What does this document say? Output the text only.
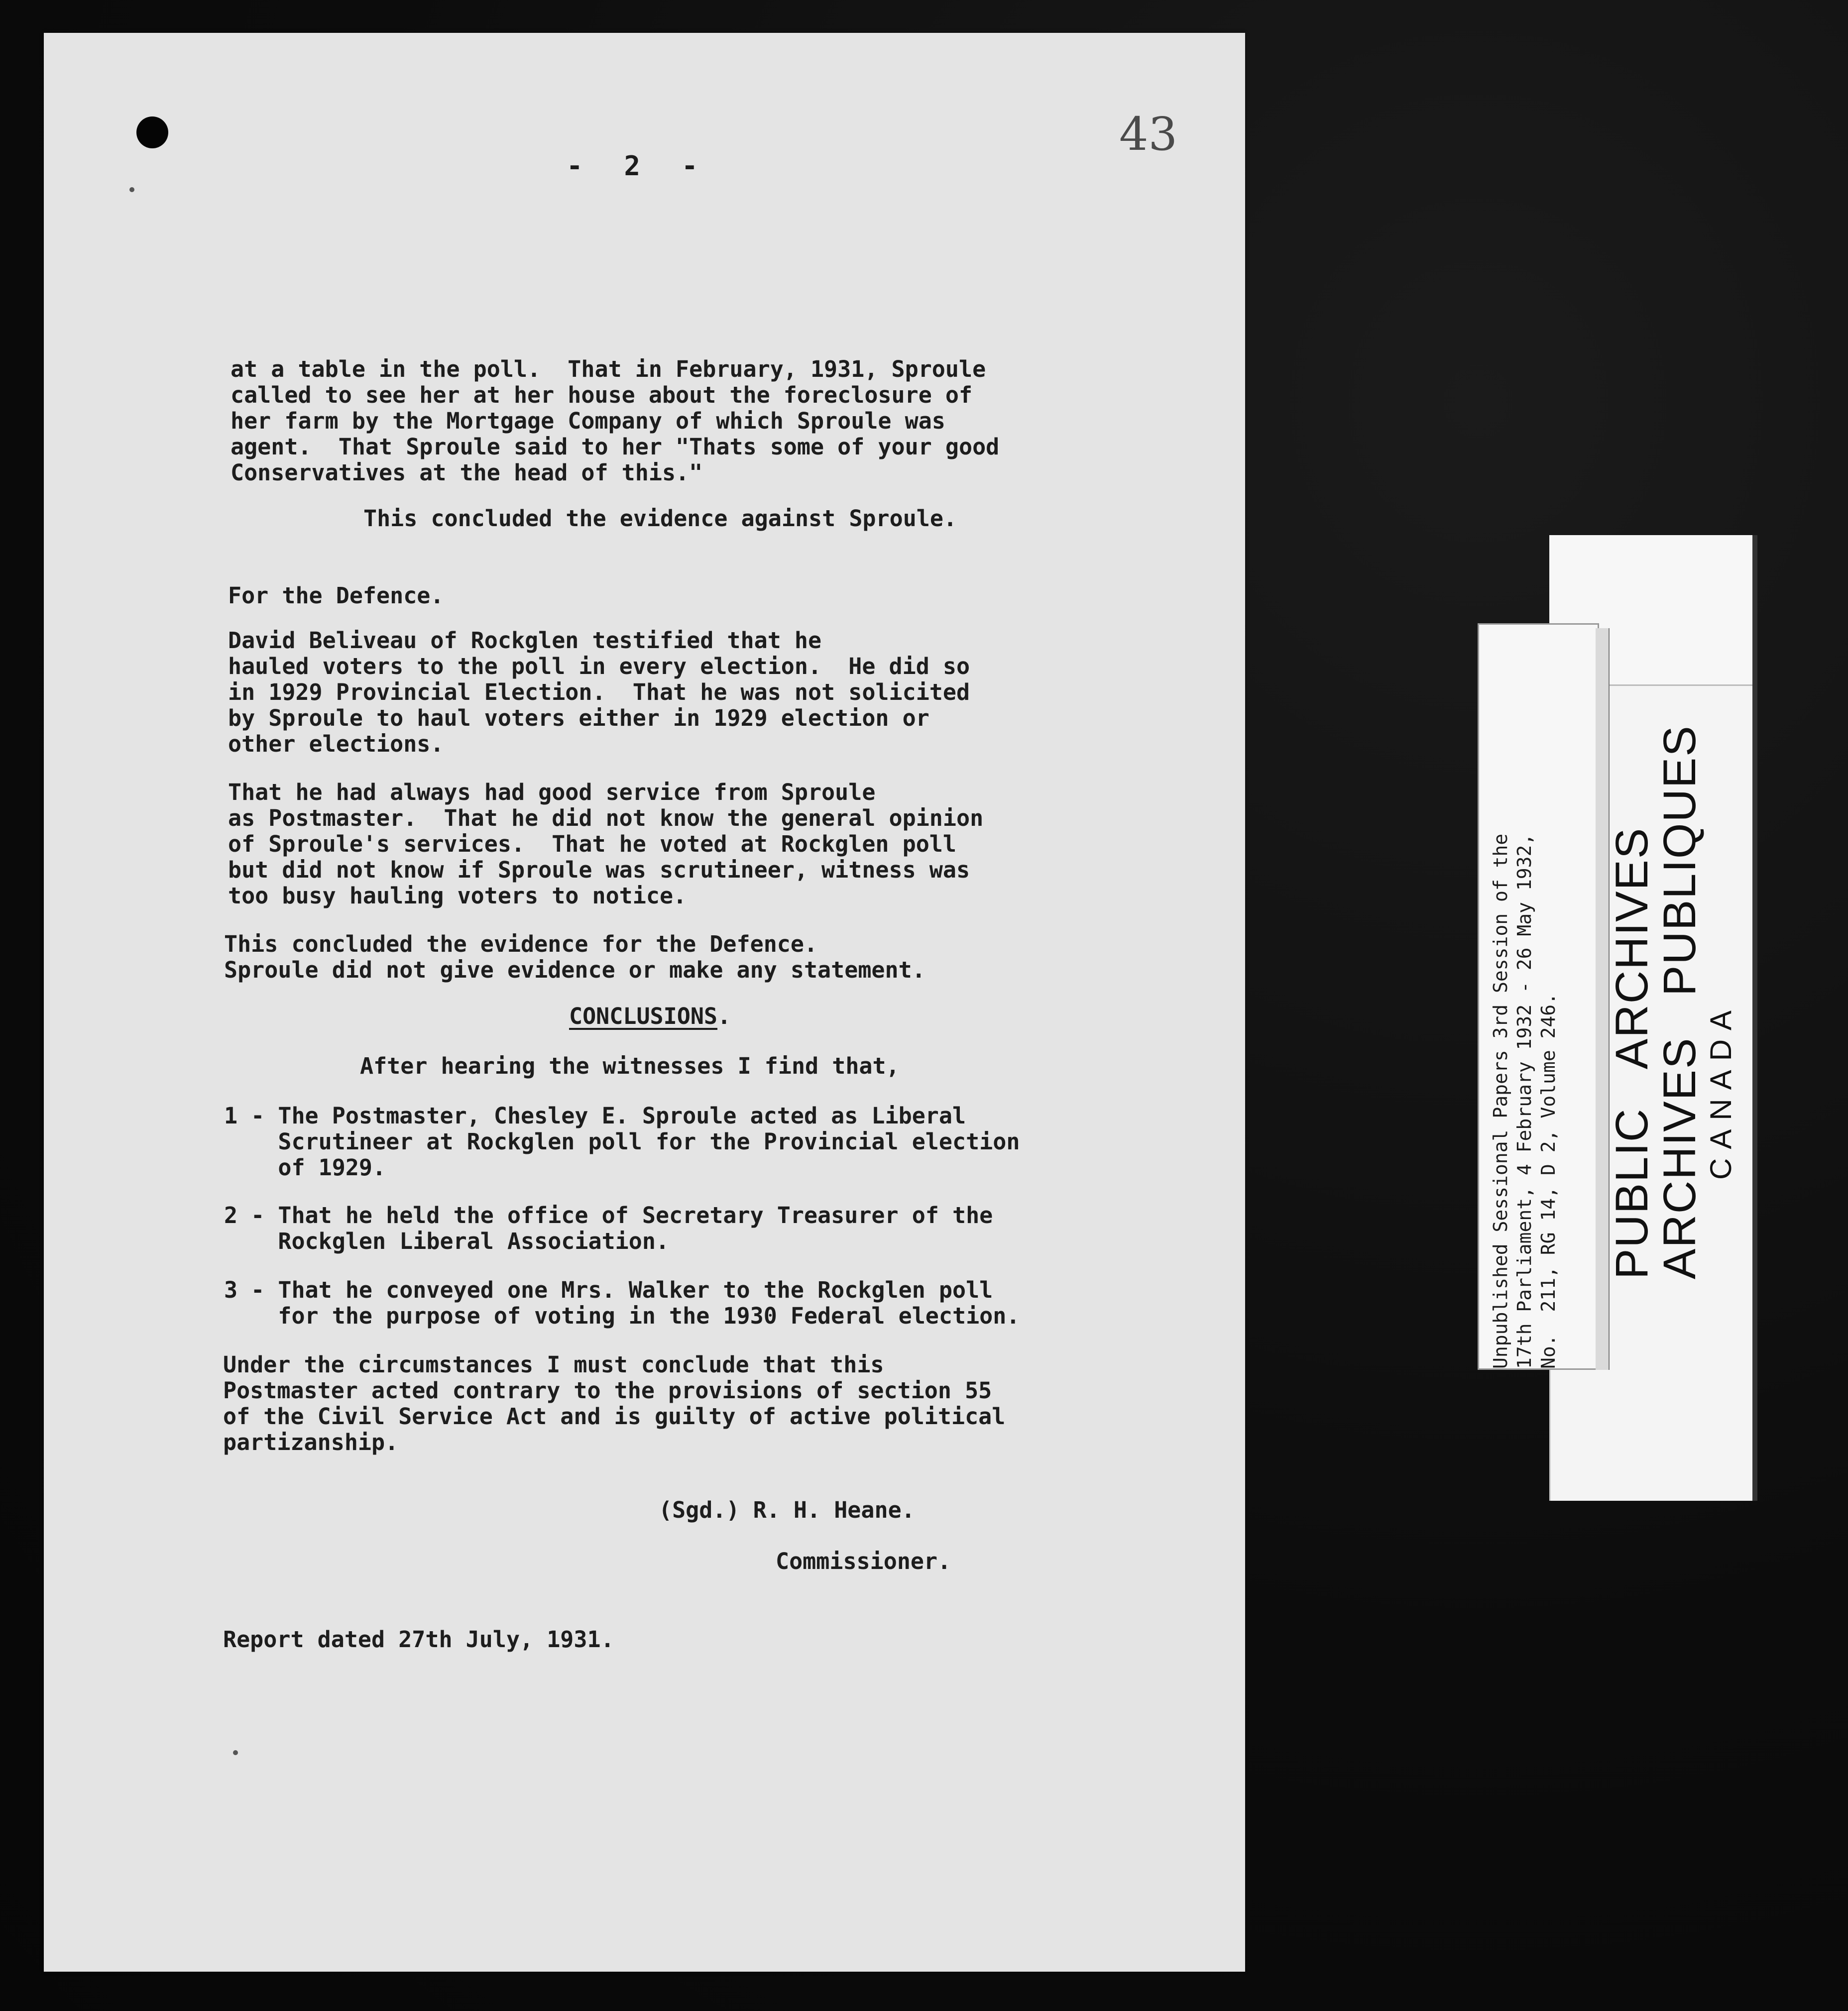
43
-  2  -
at a table in the poll.  That in February, 1931, Sproule
called to see her at her house about the foreclosure of
her farm by the Mortgage Company of which Sproule was
agent.  That Sproule said to her "Thats some of your good
Conservatives at the head of this."
This concluded the evidence against Sproule.
For the Defence.
David Beliveau of Rockglen testified that he
hauled voters to the poll in every election.  He did so
in 1929 Provincial Election.  That he was not solicited
by Sproule to haul voters either in 1929 election or
other elections.
That he had always had good service from Sproule
as Postmaster.  That he did not know the general opinion
of Sproule's services.  That he voted at Rockglen poll
but did not know if Sproule was scrutineer, witness was
too busy hauling voters to notice.
This concluded the evidence for the Defence.
Sproule did not give evidence or make any statement.
CONCLUSIONS.
After hearing the witnesses I find that,
1 - The Postmaster, Chesley E. Sproule acted as Liberal
Scrutineer at Rockglen poll for the Provincial election
of 1929.
2 - That he held the office of Secretary Treasurer of the
Rockglen Liberal Association.
3 - That he conveyed one Mrs. Walker to the Rockglen poll
for the purpose of voting in the 1930 Federal election.
Under the circumstances I must conclude that this
Postmaster acted contrary to the provisions of section 55
of the Civil Service Act and is guilty of active political
partizanship.
(Sgd.) R. H. Heane.
Commissioner.
Report dated 27th July, 1931.
Unpublished Sessional Papers 3rd Session of the
17th Parliament, 4 February 1932 - 26 May 1932,
No.  211, RG 14, D 2, Volume 246. PUBLIC   ARCHIVES
ARCHIVES   PUBLIQUES
CANADA
